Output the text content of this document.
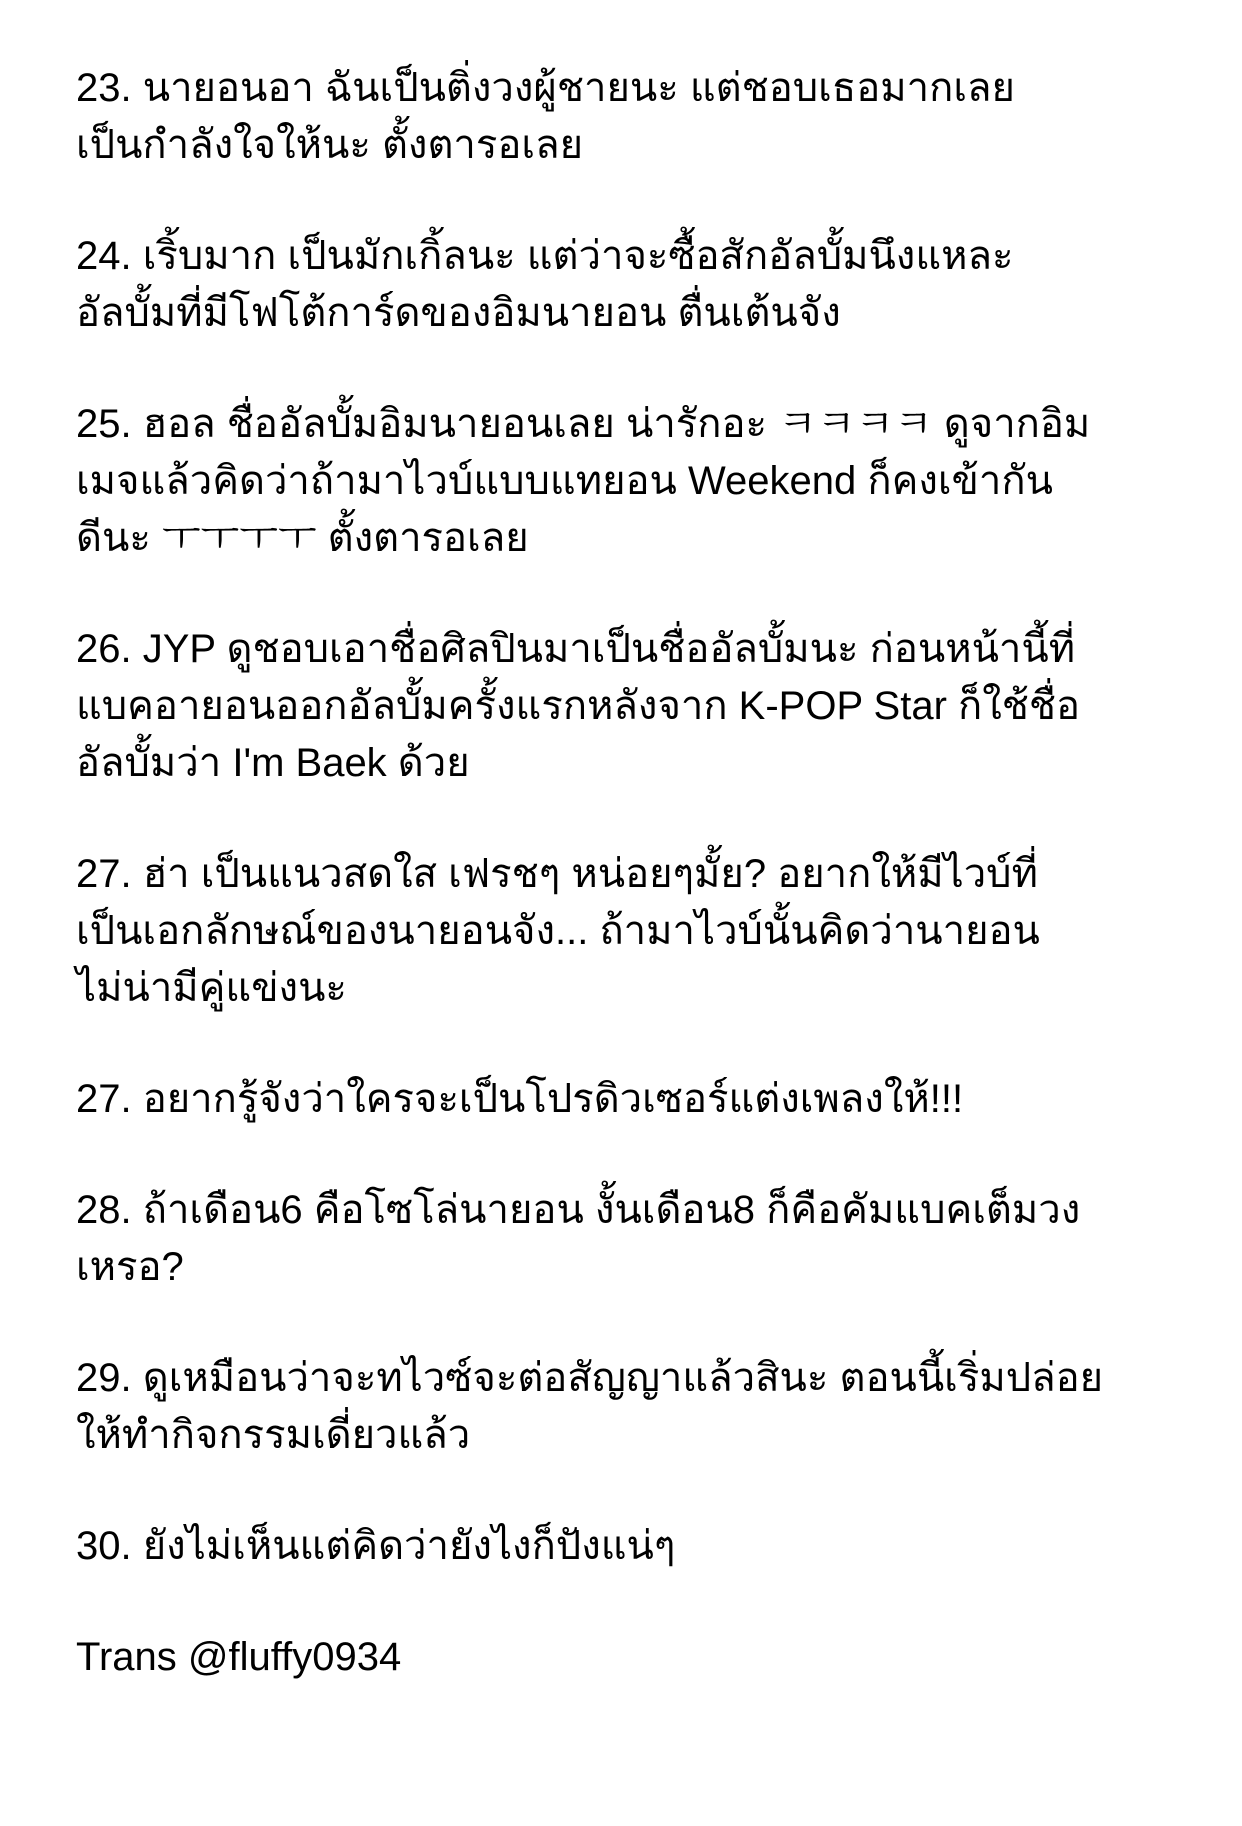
23. นายอนอา ฉันเป็นติ่งวงผู้ชายนะ แต่ชอบเธอมากเลย
เป็นกำลังใจให้นะ ตั้งตารอเลย

24. เริ้บมาก เป็นมักเกิ้ลนะ แต่ว่าจะซื้อสักอัลบั้มนึงแหละ
อัลบั้มที่มีโฟโต้การ์ดของอิมนายอน ตื่นเต้นจัง

25. ฮอล ชื่ออัลบั้มอิมนายอนเลย น่ารักอะ ㅋㅋㅋㅋ ดูจากอิม
เมจแล้วคิดว่าถ้ามาไวบ์แบบแทยอน Weekend ก็คงเข้ากัน
ดีนะ ㅜㅜㅜㅜ ตั้งตารอเลย

26. JYP ดูชอบเอาชื่อศิลปินมาเป็นชื่ออัลบั้มนะ ก่อนหน้านี้ที่
แบคอายอนออกอัลบั้มครั้งแรกหลังจาก K-POP Star ก็ใช้ชื่อ
อัลบั้มว่า I'm Baek ด้วย

27. ฮ่า เป็นแนวสดใส เฟรชๆ หน่อยๆมั้ย? อยากให้มีไวบ์ที่
เป็นเอกลักษณ์ของนายอนจัง... ถ้ามาไวบ์นั้นคิดว่านายอน
ไม่น่ามีคู่แข่งนะ

27. อยากรู้จังว่าใครจะเป็นโปรดิวเซอร์แต่งเพลงให้!!!

28. ถ้าเดือน6 คือโซโล่นายอน งั้นเดือน8 ก็คือคัมแบคเต็มวง
เหรอ?

29. ดูเหมือนว่าจะทไวซ์จะต่อสัญญาแล้วสินะ ตอนนี้เริ่มปล่อย
ให้ทำกิจกรรมเดี่ยวแล้ว

30. ยังไม่เห็นแต่คิดว่ายังไงก็ปังแน่ๆ

Trans @fluffy0934
